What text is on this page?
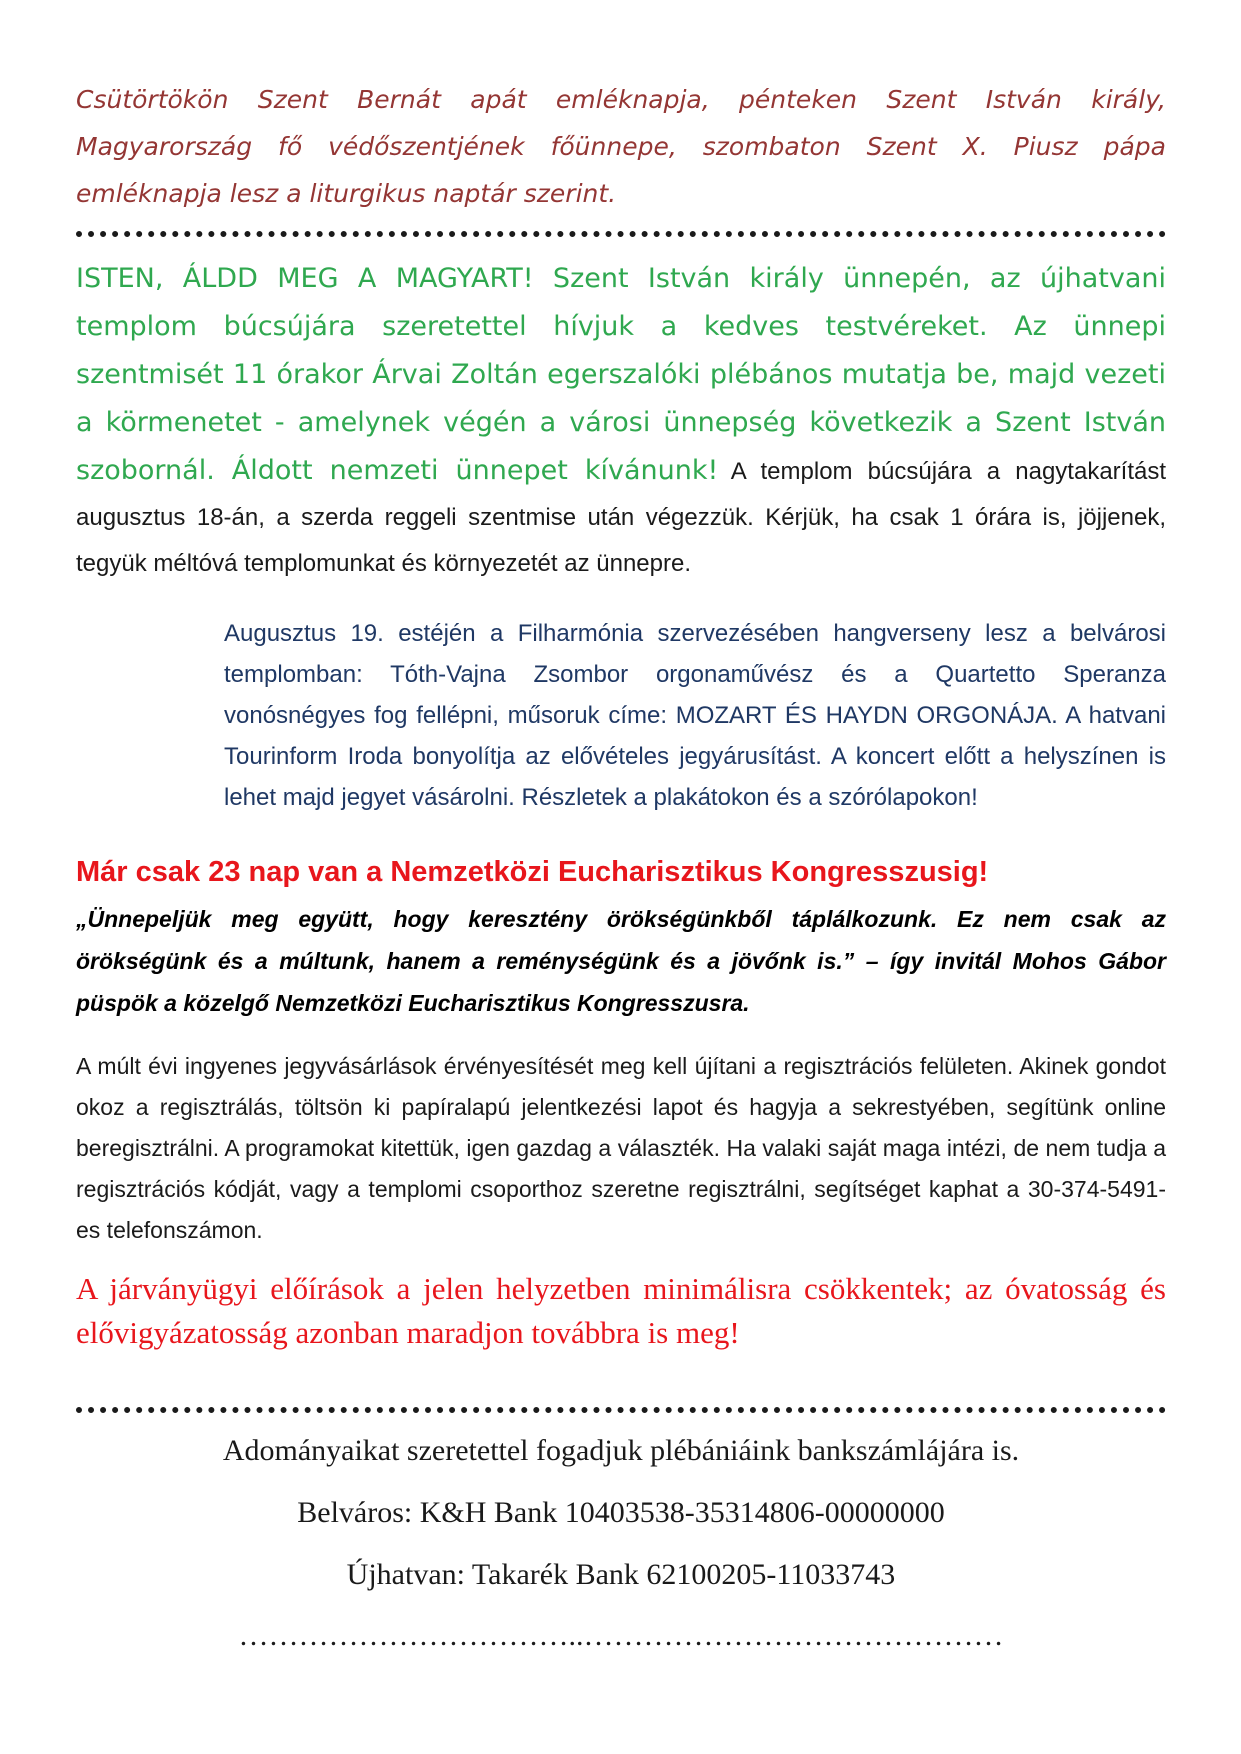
Csütörtökön Szent Bernát apát emléknapja, pénteken Szent István király, Magyarország fő védőszentjének főünnepe, szombaton Szent X. Piusz pápa emléknapja lesz a liturgikus naptár szerint.

ISTEN, ÁLDD MEG A MAGYART! Szent István király ünnepén, az újhatvani templom búcsújára szeretettel hívjuk a kedves testvéreket. Az ünnepi szentmisét 11 órakor Árvai Zoltán egerszalóki plébános mutatja be, majd vezeti a körmenetet - amelynek végén a városi ünnepség következik a Szent István szobornál. Áldott nemzeti ünnepet kívánunk! A templom búcsújára a nagytakarítást augusztus 18-án, a szerda reggeli szentmise után végezzük. Kérjük, ha csak 1 órára is, jöjjenek, tegyük méltóvá templomunkat és környezetét az ünnepre.

Augusztus 19. estéjén a Filharmónia szervezésében hangverseny lesz a belvárosi templomban: Tóth-Vajna Zsombor orgonaművész és a Quartetto Speranza vonósnégyes fog fellépni, műsoruk címe: MOZART ÉS HAYDN ORGONÁJA. A hatvani Tourinform Iroda bonyolítja az elővételes jegyárusítást. A koncert előtt a helyszínen is lehet majd jegyet vásárolni. Részletek a plakátokon és a szórólapokon!

Már csak 23 nap van a Nemzetközi Eucharisztikus Kongresszusig!

„Ünnepeljük meg együtt, hogy keresztény örökségünkből táplálkozunk. Ez nem csak az örökségünk és a múltunk, hanem a reménységünk és a jövőnk is.” – így invitál Mohos Gábor püspök a közelgő Nemzetközi Eucharisztikus Kongresszusra.

A múlt évi ingyenes jegyvásárlások érvényesítését meg kell újítani a regisztrációs felületen. Akinek gondot okoz a regisztrálás, töltsön ki papíralapú jelentkezési lapot és hagyja a sekrestyében, segítünk online beregisztrálni. A programokat kitettük, igen gazdag a választék. Ha valaki saját maga intézi, de nem tudja a regisztrációs kódját, vagy a templomi csoporthoz szeretne regisztrálni, segítséget kaphat a 30-374-5491-es telefonszámon.

A járványügyi előírások a jelen helyzetben minimálisra csökkentek; az óvatosság és elővigyázatosság azonban maradjon továbbra is meg!

Adományaikat szeretettel fogadjuk plébániáink bankszámlájára is.

Belváros: K&H Bank 10403538-35314806-00000000

Újhatvan: Takarék Bank 62100205-11033743

……………………………..……………………………………
